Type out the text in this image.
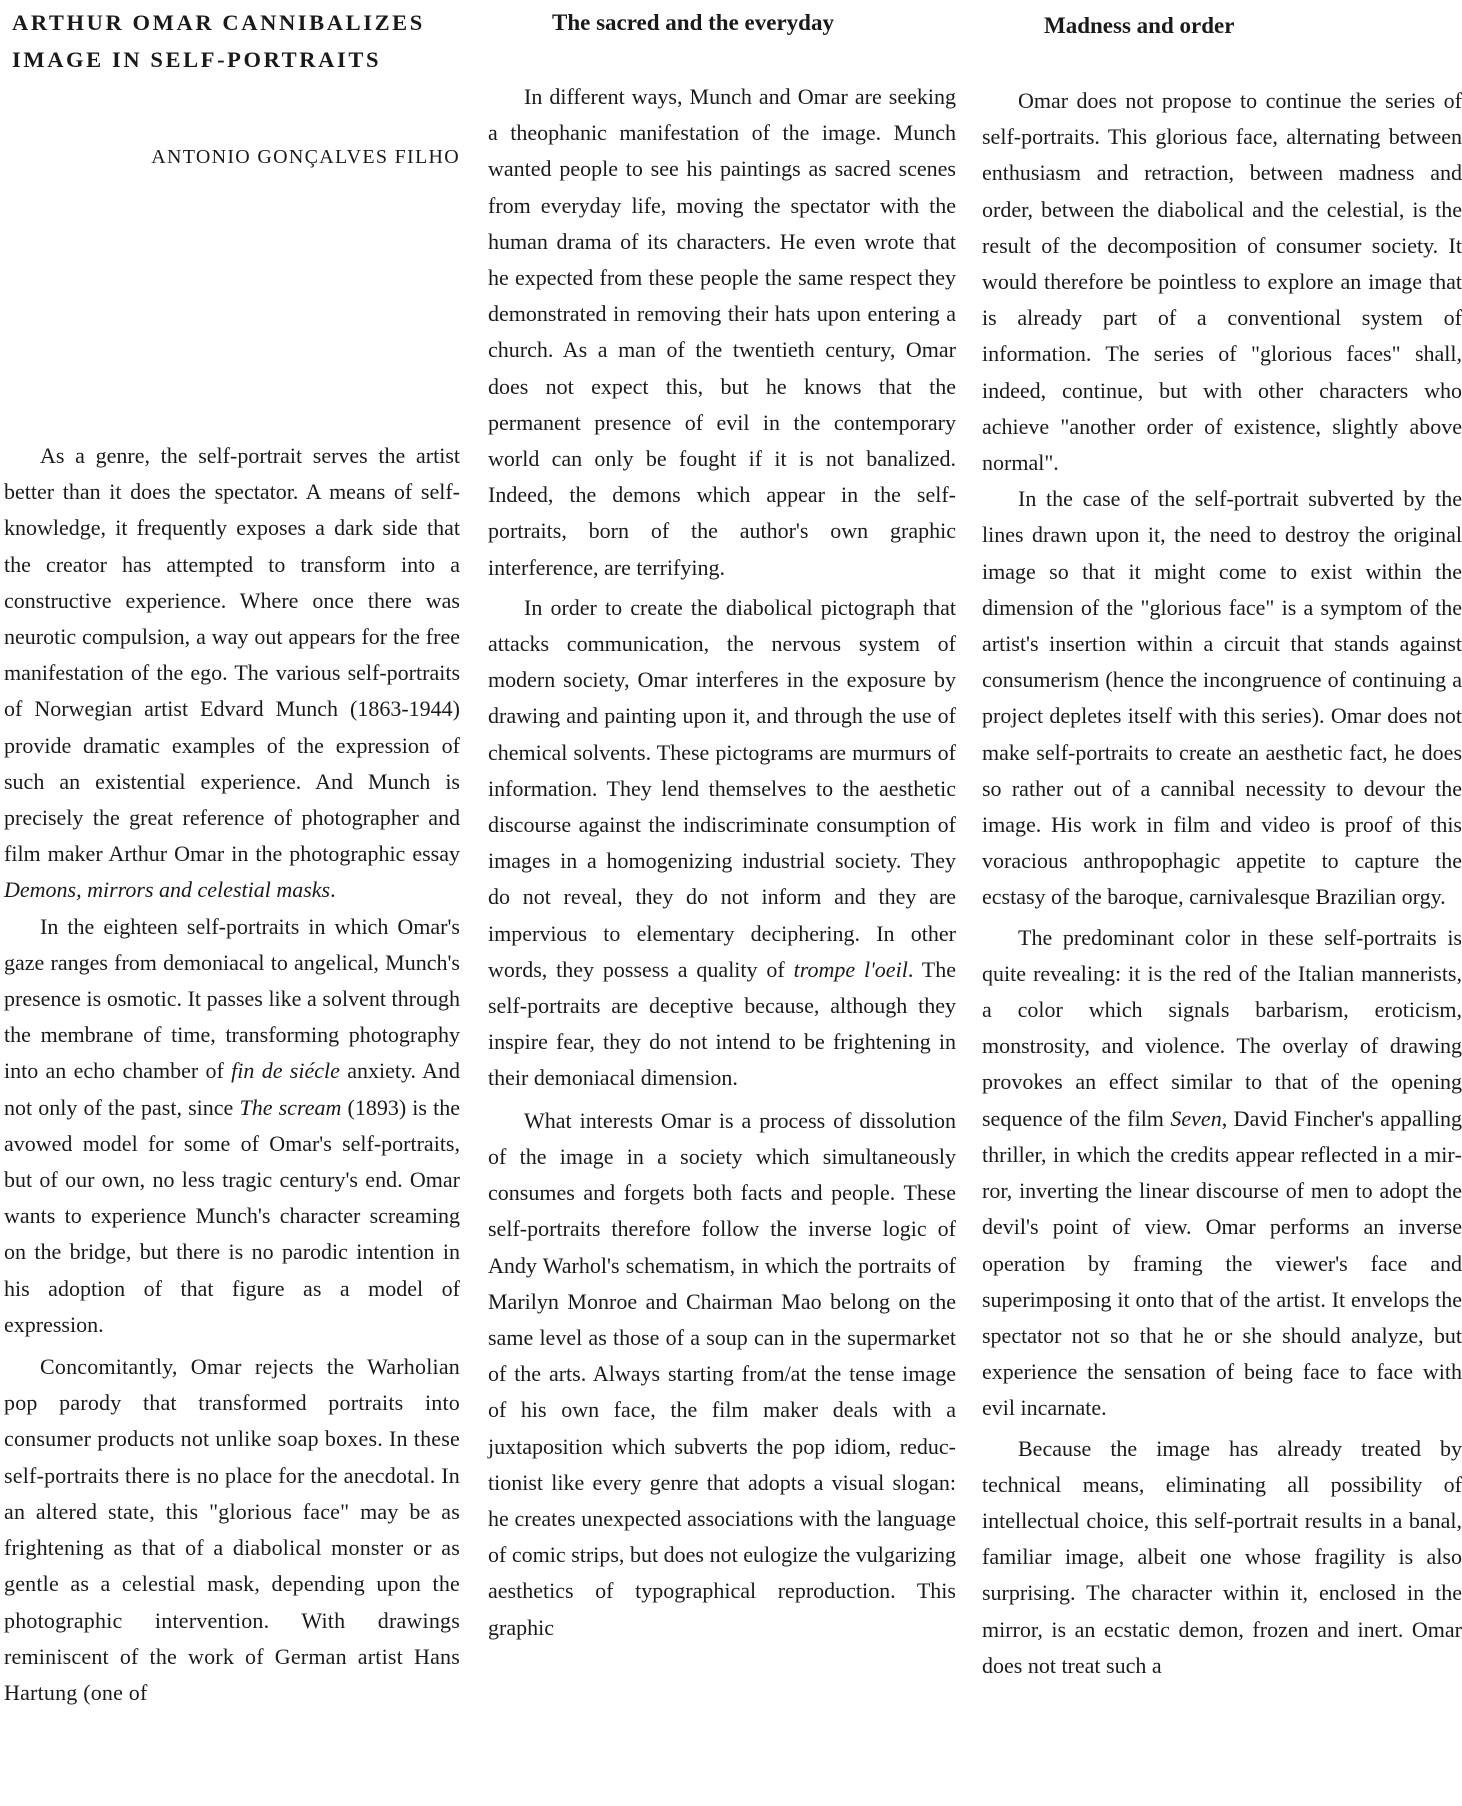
ARTHUR OMAR CANNIBALIZES IMAGE IN SELF-PORTRAITS

ANTONIO GONÇALVES FILHO

As a genre, the self-portrait serves the artist better than it does the spectator. A means of self-knowledge, it frequently exposes a dark side that the creator has attempted to transform into a constructive experience. Where once there was neurotic compulsion, a way out appears for the free manifestation of the ego. The various self-portraits of Norwegian artist Edvard Munch (1863-1944) provide dramatic examples of the expression of such an existential experience. And Munch is precisely the great reference of photographer and film maker Arthur Omar in the photographic essay Demons, mirrors and celestial masks.

In the eighteen self-portraits in which Omar's gaze ranges from demoniacal to angelical, Munch's presence is osmotic. It passes like a solvent through the membrane of time, transforming photography into an echo chamber of fin de siécle anxiety. And not only of the past, since The scream (1893) is the avowed model for some of Omar's self-portraits, but of our own, no less tragic century's end. Omar wants to experience Munch's character screaming on the bridge, but there is no parodic intention in his adoption of that figure as a model of expression.

Concomitantly, Omar rejects the Warholian pop parody that transformed portraits into consumer products not unlike soap boxes. In these self-portraits there is no place for the anecdotal. In an altered state, this "glorious face" may be as frightening as that of a diabolical monster or as gentle as a celestial mask, depending upon the photographic intervention. With drawings reminiscent of the work of German artist Hans Hartung (one of

The sacred and the everyday

In different ways, Munch and Omar are seeking a theophanic manifestation of the image. Munch wanted people to see his paintings as sacred scenes from everyday life, moving the spectator with the human drama of its characters. He even wrote that he expected from these people the same respect they demonstrated in removing their hats upon entering a church. As a man of the twentieth century, Omar does not expect this, but he knows that the permanent presence of evil in the contemporary world can only be fought if it is not banalized. Indeed, the demons which appear in the self-portraits, born of the author's own graphic interference, are terrifying.

In order to create the diabolical pictograph that attacks communication, the nervous system of modern society, Omar interferes in the exposure by drawing and painting upon it, and through the use of chemical solvents. These pictograms are murmurs of information. They lend themselves to the aesthetic discourse against the indiscriminate consumption of images in a homogenizing industrial society. They do not reveal, they do not inform and they are impervious to elementary deciphering. In other words, they possess a quality of trompe l'oeil. The self-portraits are deceptive because, although they inspire fear, they do not intend to be frightening in their demoniacal dimension.

What interests Omar is a process of dissolution of the image in a society which simultaneously consumes and forgets both facts and people. These self-portraits therefore follow the inverse logic of Andy Warhol's schematism, in which the portraits of Marilyn Monroe and Chairman Mao belong on the same level as those of a soup can in the supermarket of the arts. Always starting from/at the tense image of his own face, the film maker deals with a juxtaposition which subverts the pop idiom, reductionist like every genre that adopts a visual slogan: he creates unexpected associations with the language of comic strips, but does not eulogize the vulgarizing aesthetics of typographical reproduction. This graphic

Madness and order

Omar does not propose to continue the series of self-portraits. This glorious face, alternating between enthusiasm and retraction, between madness and order, between the diabolical and the celestial, is the result of the decomposition of consumer society. It would therefore be pointless to explore an image that is already part of a conventional system of information. The series of "glorious faces" shall, indeed, continue, but with other characters who achieve "another order of existence, slightly above normal".

In the case of the self-portrait subverted by the lines drawn upon it, the need to destroy the original image so that it might come to exist within the dimension of the "glorious face" is a symptom of the artist's insertion within a circuit that stands against consumerism (hence the incongruence of continuing a project depletes itself with this series). Omar does not make self-portraits to create an aesthetic fact, he does so rather out of a cannibal necessity to devour the image. His work in film and video is proof of this voracious anthropophagic appetite to capture the ecstasy of the baroque, carnivalesque Brazilian orgy.

The predominant color in these self-portraits is quite revealing: it is the red of the Italian mannerists, a color which signals barbarism, eroticism, monstrosity, and violence. The overlay of drawing provokes an effect similar to that of the opening sequence of the film Seven, David Fincher's appalling thriller, in which the credits appear reflected in a mirror, inverting the linear discourse of men to adopt the devil's point of view. Omar performs an inverse operation by framing the viewer's face and superimposing it onto that of the artist. It envelops the spectator not so that he or she should analyze, but experience the sensation of being face to face with evil incarnate.

Because the image has already treated by technical means, eliminating all possibility of intellectual choice, this self-portrait results in a banal, familiar image, albeit one whose fragility is also surprising. The character within it, enclosed in the mirror, is an ecstatic demon, frozen and inert. Omar does not treat such a
